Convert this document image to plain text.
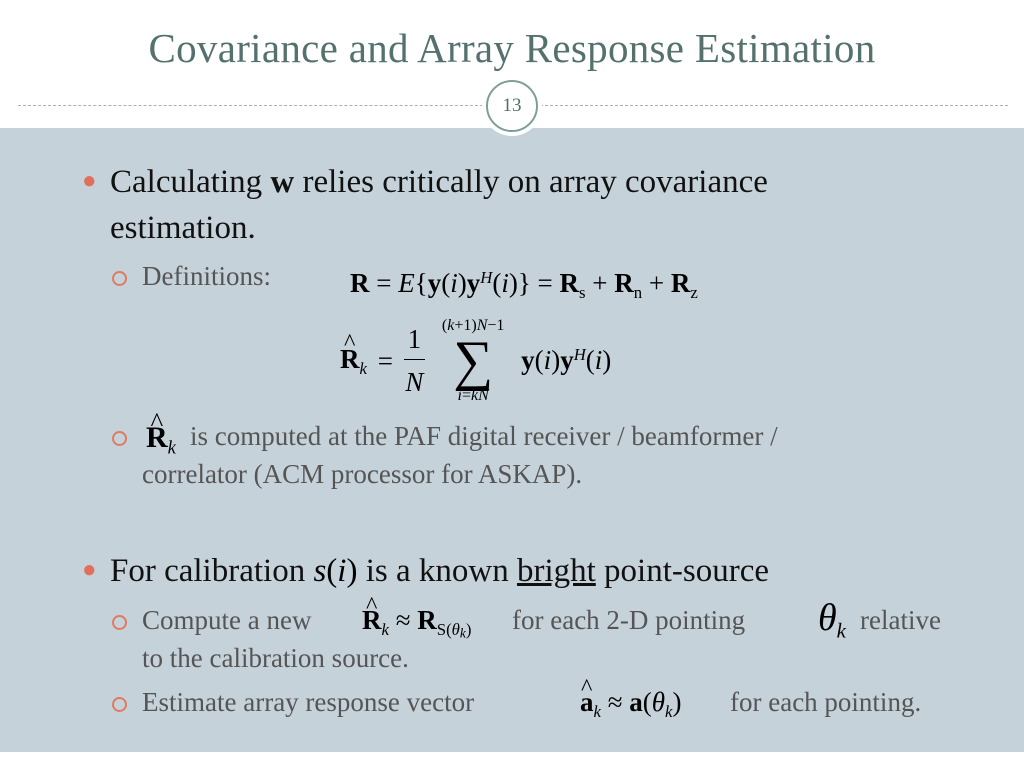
Covariance and Array Response Estimation
13
● Calculating w relies critically on array covariance
estimation.
Definitions:	$R = E\{y(i)y^H(i)\} = R_s + R_n + R_z$
^ $R_k = \frac{1}{N}$
(k+1)N−1
∑
i=kN
$y(i)y^H(i)$
^ $R_k$ is computed at the PAF digital receiver / beamformer /
correlator (ACM processor for ASKAP).
● For calibration s(i) is a known bright point-source
Compute a new ^ $R_k \approx R_{S(\theta k)}$ for each 2-D pointing $\theta_k$ relative
to the calibration source.
Estimate array response vector	^ $a_k \approx a(\theta_k)$ for each pointing.
